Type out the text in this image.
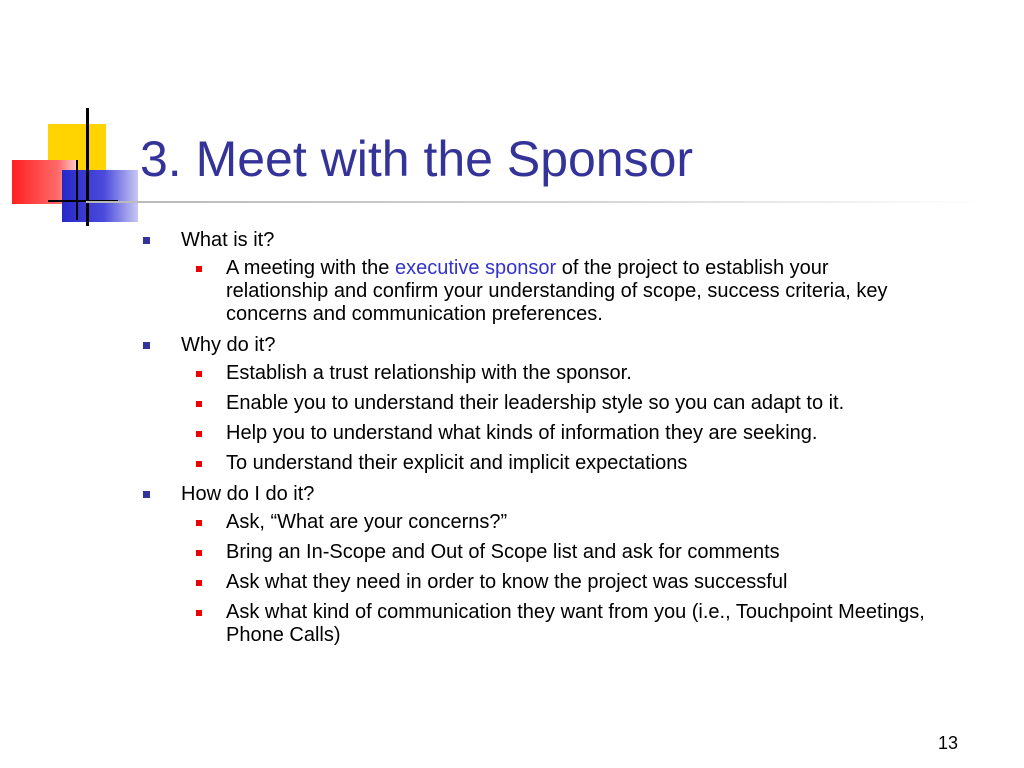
3. Meet with the Sponsor
What is it?
A meeting with the executive sponsor of the project to establish your relationship and confirm your understanding of scope, success criteria, key concerns and communication preferences.
Why do it?
Establish a trust relationship with the sponsor.
Enable you to understand their leadership style so you can adapt to it.
Help you to understand what kinds of information they are seeking.
To understand their explicit and implicit expectations
How do I do it?
Ask, “What are your concerns?”
Bring an In-Scope and Out of Scope list and ask for comments
Ask what they need in order to know the project was successful
Ask what kind of communication they want from you (i.e., Touchpoint Meetings, Phone Calls)
13
